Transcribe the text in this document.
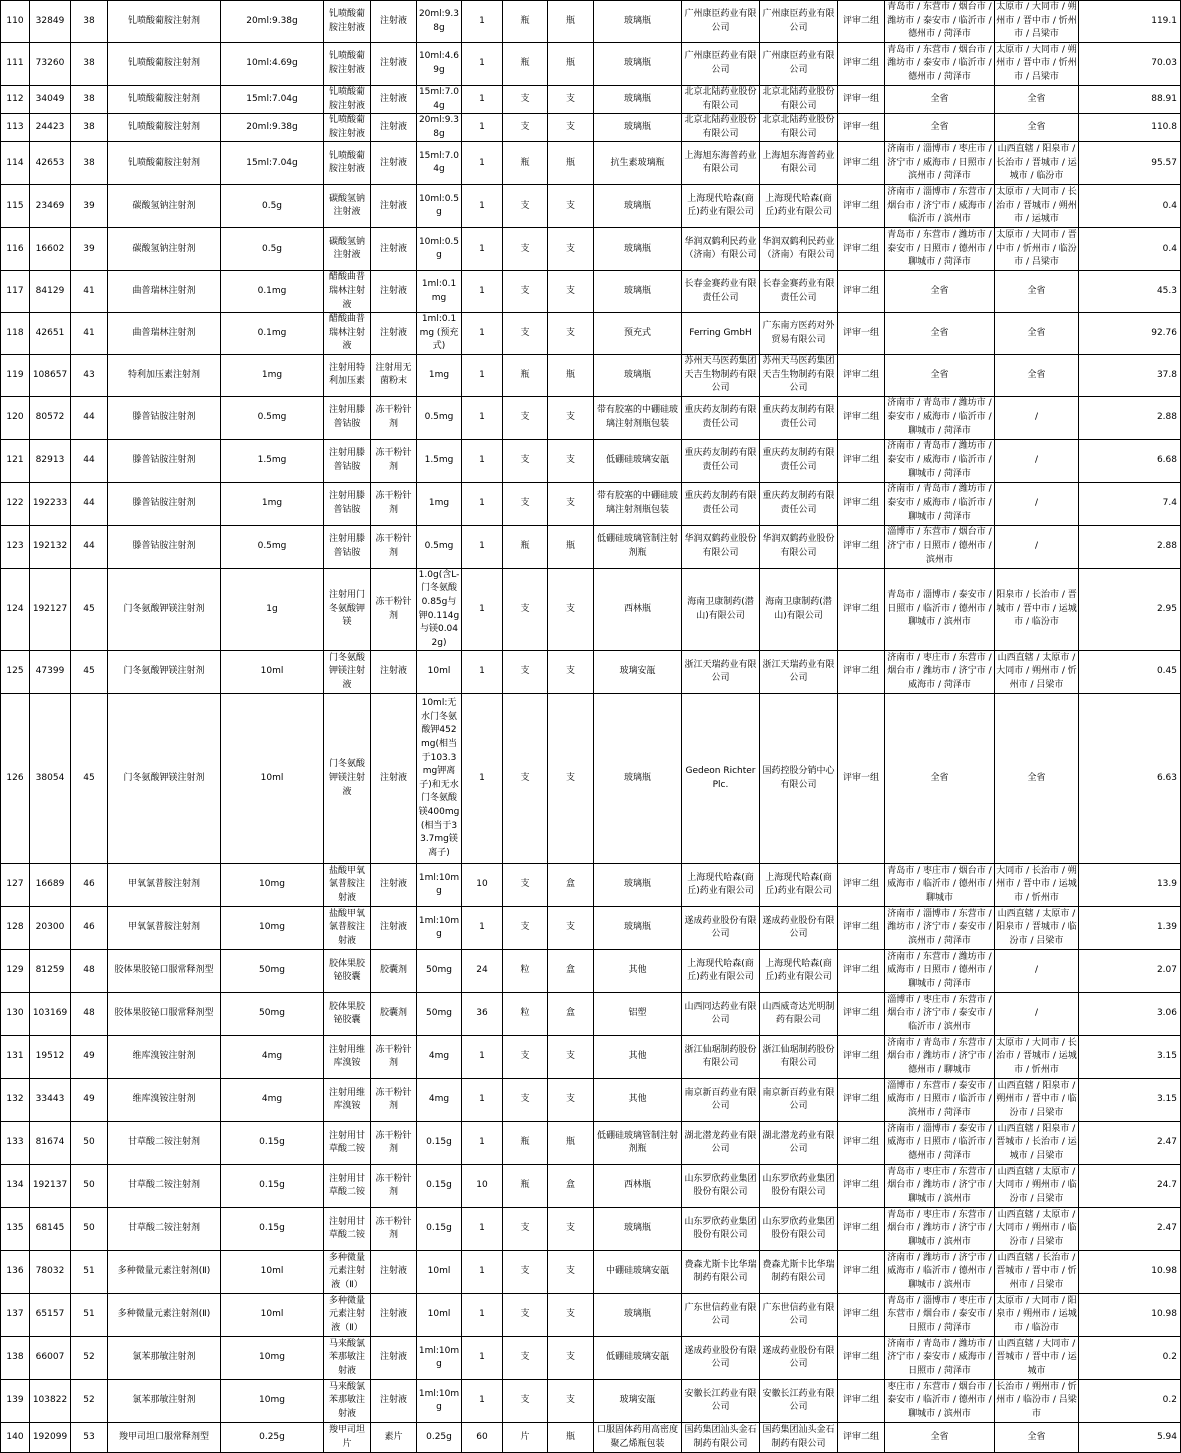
110	32849	38	钆喷酸葡胺注射剂	20ml:9.38g	钆喷酸葡胺注射液	注射液	20ml:9.38g	1	瓶	瓶	玻璃瓶	广州康臣药业有限公司	广州康臣药业有限公司	评审二组	青岛市 / 东营市 / 烟台市 / 潍坊市 / 泰安市 / 临沂市 / 德州市 / 菏泽市	太原市 / 大同市 / 朔州市 / 晋中市 / 忻州市 / 吕梁市	119.1
111	73260	38	钆喷酸葡胺注射剂	10ml:4.69g	钆喷酸葡胺注射液	注射液	10ml:4.69g	1	瓶	瓶	玻璃瓶	广州康臣药业有限公司	广州康臣药业有限公司	评审二组	青岛市 / 东营市 / 烟台市 / 潍坊市 / 泰安市 / 临沂市 / 德州市 / 菏泽市	太原市 / 大同市 / 朔州市 / 晋中市 / 忻州市 / 吕梁市	70.03
112	34049	38	钆喷酸葡胺注射剂	15ml:7.04g	钆喷酸葡胺注射液	注射液	15ml:7.04g	1	支	支	玻璃瓶	北京北陆药业股份有限公司	北京北陆药业股份有限公司	评审一组	全省	全省	88.91
113	24423	38	钆喷酸葡胺注射剂	20ml:9.38g	钆喷酸葡胺注射液	注射液	20ml:9.38g	1	支	支	玻璃瓶	北京北陆药业股份有限公司	北京北陆药业股份有限公司	评审一组	全省	全省	110.8
114	42653	38	钆喷酸葡胺注射剂	15ml:7.04g	钆喷酸葡胺注射液	注射液	15ml:7.04g	1	瓶	瓶	抗生素玻璃瓶	上海旭东海普药业有限公司	上海旭东海普药业有限公司	评审二组	济南市 / 淄博市 / 枣庄市 / 济宁市 / 威海市 / 日照市 / 滨州市 / 菏泽市	山西直辖 / 阳泉市 / 长治市 / 晋城市 / 运城市 / 临汾市	95.57
115	23469	39	碳酸氢钠注射剂	0.5g	碳酸氢钠注射液	注射液	10ml:0.5g	1	支	支	玻璃瓶	上海现代哈森(商丘)药业有限公司	上海现代哈森(商丘)药业有限公司	评审二组	济南市 / 淄博市 / 东营市 / 烟台市 / 济宁市 / 威海市 / 临沂市 / 滨州市	太原市 / 大同市 / 长治市 / 晋城市 / 朔州市 / 运城市	0.4
116	16602	39	碳酸氢钠注射剂	0.5g	碳酸氢钠注射液	注射液	10ml:0.5g	1	支	支	玻璃瓶	华润双鹤利民药业（济南）有限公司	华润双鹤利民药业（济南）有限公司	评审二组	青岛市 / 东营市 / 潍坊市 / 泰安市 / 日照市 / 德州市 / 聊城市 / 菏泽市	太原市 / 大同市 / 晋中市 / 忻州市 / 临汾市 / 吕梁市	0.4
117	84129	41	曲普瑞林注射剂	0.1mg	醋酸曲普瑞林注射液	注射液	1ml:0.1mg	1	支	支	玻璃瓶	长春金赛药业有限责任公司	长春金赛药业有限责任公司	评审二组	全省	全省	45.3
118	42651	41	曲普瑞林注射剂	0.1mg	醋酸曲普瑞林注射液	注射液	1ml:0.1mg (预充式)	1	支	支	预充式	Ferring GmbH	广东南方医药对外贸易有限公司	评审一组	全省	全省	92.76
119	108657	43	特利加压素注射剂	1mg	注射用特利加压素	注射用无菌粉末	1mg	1	瓶	瓶	玻璃瓶	苏州天马医药集团天吉生物制药有限公司	苏州天马医药集团天吉生物制药有限公司	评审二组	全省	全省	37.8
120	80572	44	滕普钴胺注射剂	0.5mg	注射用滕普钴胺	冻干粉针剂	0.5mg	1	支	支	带有胶塞的中硼硅玻璃注射剂瓶包装	重庆药友制药有限责任公司	重庆药友制药有限责任公司	评审二组	济南市 / 青岛市 / 潍坊市 / 泰安市 / 威海市 / 临沂市 / 聊城市 / 菏泽市	/	2.88
121	82913	44	滕普钴胺注射剂	1.5mg	注射用滕普钴胺	冻干粉针剂	1.5mg	1	支	支	低硼硅玻璃安瓿	重庆药友制药有限责任公司	重庆药友制药有限责任公司	评审二组	济南市 / 青岛市 / 潍坊市 / 泰安市 / 威海市 / 临沂市 / 聊城市 / 菏泽市	/	6.68
122	192233	44	滕普钴胺注射剂	1mg	注射用滕普钴胺	冻干粉针剂	1mg	1	支	支	带有胶塞的中硼硅玻璃注射剂瓶包装	重庆药友制药有限责任公司	重庆药友制药有限责任公司	评审二组	济南市 / 青岛市 / 潍坊市 / 泰安市 / 威海市 / 临沂市 / 聊城市 / 菏泽市	/	7.4
123	192132	44	滕普钴胺注射剂	0.5mg	注射用滕普钴胺	冻干粉针剂	0.5mg	1	瓶	瓶	低硼硅玻璃管制注射剂瓶	华润双鹤药业股份有限公司	华润双鹤药业股份有限公司	评审二组	淄博市 / 东营市 / 烟台市 / 济宁市 / 日照市 / 德州市 / 滨州市	/	2.88
124	192127	45	门冬氨酸钾镁注射剂	1g	注射用门冬氨酸钾镁	冻干粉针剂	1.0g(含L-门冬氨酸0.85g与钾0.114g与镁0.042g)	1	支	支	西林瓶	海南卫康制药(潜山)有限公司	海南卫康制药(潜山)有限公司	评审二组	青岛市 / 淄博市 / 泰安市 / 日照市 / 临沂市 / 德州市 / 聊城市 / 滨州市	阳泉市 / 长治市 / 晋城市 / 晋中市 / 运城市 / 临汾市	2.95
125	47399	45	门冬氨酸钾镁注射剂	10ml	门冬氨酸钾镁注射液	注射液	10ml	1	支	支	玻璃安瓿	浙江天瑞药业有限公司	浙江天瑞药业有限公司	评审二组	济南市 / 枣庄市 / 东营市 / 烟台市 / 潍坊市 / 济宁市 / 威海市 / 菏泽市	山西直辖 / 太原市 / 大同市 / 朔州市 / 忻州市 / 吕梁市	0.45
126	38054	45	门冬氨酸钾镁注射剂	10ml	门冬氨酸钾镁注射液	注射液	10ml:无水门冬氨酸钾452mg(相当于103.3mg钾离子)和无水门冬氨酸镁400mg(相当于33.7mg镁离子)	1	支	支	玻璃瓶	Gedeon Richter Plc.	国药控股分销中心有限公司	评审一组	全省	全省	6.63
127	16689	46	甲氧氯普胺注射剂	10mg	盐酸甲氧氯普胺注射液	注射液	1ml:10mg	10	支	盒	玻璃瓶	上海现代哈森(商丘)药业有限公司	上海现代哈森(商丘)药业有限公司	评审二组	青岛市 / 枣庄市 / 烟台市 / 威海市 / 临沂市 / 德州市 / 聊城市	大同市 / 长治市 / 朔州市 / 晋中市 / 运城市 / 忻州市	13.9
128	20300	46	甲氧氯普胺注射剂	10mg	盐酸甲氧氯普胺注射液	注射液	1ml:10mg	1	支	支	玻璃瓶	遂成药业股份有限公司	遂成药业股份有限公司	评审二组	济南市 / 淄博市 / 东营市 / 潍坊市 / 济宁市 / 泰安市 / 滨州市 / 菏泽市	山西直辖 / 太原市 / 阳泉市 / 晋城市 / 临汾市 / 吕梁市	1.39
129	81259	48	胶体果胶铋口服常释剂型	50mg	胶体果胶铋胶囊	胶囊剂	50mg	24	粒	盒	其他	上海现代哈森(商丘)药业有限公司	上海现代哈森(商丘)药业有限公司	评审二组	济南市 / 东营市 / 潍坊市 / 威海市 / 日照市 / 德州市 / 聊城市 / 菏泽市	/	2.07
130	103169	48	胶体果胶铋口服常释剂型	50mg	胶体果胶铋胶囊	胶囊剂	50mg	36	粒	盒	铝塑	山西同达药业有限公司	山西威奇达光明制药有限公司	评审二组	淄博市 / 枣庄市 / 东营市 / 烟台市 / 济宁市 / 泰安市 / 临沂市 / 滨州市	/	3.06
131	19512	49	维库溴铵注射剂	4mg	注射用维库溴铵	冻干粉针剂	4mg	1	支	支	其他	浙江仙琚制药股份有限公司	浙江仙琚制药股份有限公司	评审二组	济南市 / 青岛市 / 东营市 / 烟台市 / 潍坊市 / 济宁市 / 德州市 / 聊城市	太原市 / 大同市 / 长治市 / 晋城市 / 运城市 / 忻州市	3.15
132	33443	49	维库溴铵注射剂	4mg	注射用维库溴铵	冻干粉针剂	4mg	1	支	支	其他	南京新百药业有限公司	南京新百药业有限公司	评审二组	淄博市 / 东营市 / 泰安市 / 威海市 / 日照市 / 临沂市 / 滨州市 / 菏泽市	山西直辖 / 阳泉市 / 朔州市 / 晋中市 / 临汾市 / 吕梁市	3.15
133	81674	50	甘草酸二铵注射剂	0.15g	注射用甘草酸二铵	冻干粉针剂	0.15g	1	瓶	瓶	低硼硅玻璃管制注射剂瓶	湖北潜龙药业有限公司	湖北潜龙药业有限公司	评审二组	济南市 / 淄博市 / 泰安市 / 威海市 / 日照市 / 临沂市 / 德州市 / 菏泽市	山西直辖 / 阳泉市 / 晋城市 / 长治市 / 运城市 / 吕梁市	2.47
134	192137	50	甘草酸二铵注射剂	0.15g	注射用甘草酸二铵	冻干粉针剂	0.15g	10	瓶	盒	西林瓶	山东罗欣药业集团股份有限公司	山东罗欣药业集团股份有限公司	评审二组	青岛市 / 枣庄市 / 东营市 / 烟台市 / 潍坊市 / 济宁市 / 聊城市 / 滨州市	山西直辖 / 太原市 / 大同市 / 朔州市 / 临汾市 / 吕梁市	24.7
135	68145	50	甘草酸二铵注射剂	0.15g	注射用甘草酸二铵	冻干粉针剂	0.15g	1	支	支	玻璃瓶	山东罗欣药业集团股份有限公司	山东罗欣药业集团股份有限公司	评审二组	青岛市 / 枣庄市 / 东营市 / 烟台市 / 潍坊市 / 济宁市 / 聊城市 / 滨州市	山西直辖 / 太原市 / 大同市 / 朔州市 / 临汾市 / 吕梁市	2.47
136	78032	51	多种微量元素注射剂(Ⅱ)	10ml	多种微量元素注射液（Ⅱ）	注射液	10ml	1	支	支	中硼硅玻璃安瓿	费森尤斯卡比华瑞制药有限公司	费森尤斯卡比华瑞制药有限公司	评审二组	济南市 / 潍坊市 / 济宁市 / 威海市 / 临沂市 / 德州市 / 聊城市 / 滨州市	山西直辖 / 长治市 / 晋城市 / 晋中市 / 忻州市 / 吕梁市	10.98
137	65157	51	多种微量元素注射剂(Ⅱ)	10ml	多种微量元素注射液（Ⅱ）	注射液	10ml	1	支	支	玻璃瓶	广东世信药业有限公司	广东世信药业有限公司	评审二组	青岛市 / 淄博市 / 枣庄市 / 东营市 / 烟台市 / 泰安市 / 日照市 / 菏泽市	太原市 / 大同市 / 阳泉市 / 朔州市 / 运城市 / 临汾市	10.98
138	66007	52	氯苯那敏注射剂	10mg	马来酸氯苯那敏注射液	注射液	1ml:10mg	1	支	支	低硼硅玻璃安瓿	遂成药业股份有限公司	遂成药业股份有限公司	评审二组	济南市 / 青岛市 / 潍坊市 / 济宁市 / 泰安市 / 威海市 / 日照市 / 菏泽市	山西直辖 / 大同市 / 晋城市 / 晋中市 / 运城市	0.2
139	103822	52	氯苯那敏注射剂	10mg	马来酸氯苯那敏注射液	注射液	1ml:10mg	1	支	支	玻璃安瓿	安徽长江药业有限公司	安徽长江药业有限公司	评审二组	枣庄市 / 东营市 / 烟台市 / 泰安市 / 临沂市 / 德州市 / 聊城市 / 滨州市	长治市 / 朔州市 / 忻州市 / 临汾市 / 吕梁市	0.2
140	192099	53	羧甲司坦口服常释剂型	0.25g	羧甲司坦片	素片	0.25g	60	片	瓶	口服固体药用高密度聚乙烯瓶包装	国药集团汕头金石制药有限公司	国药集团汕头金石制药有限公司	评审二组	全省	全省	5.94
